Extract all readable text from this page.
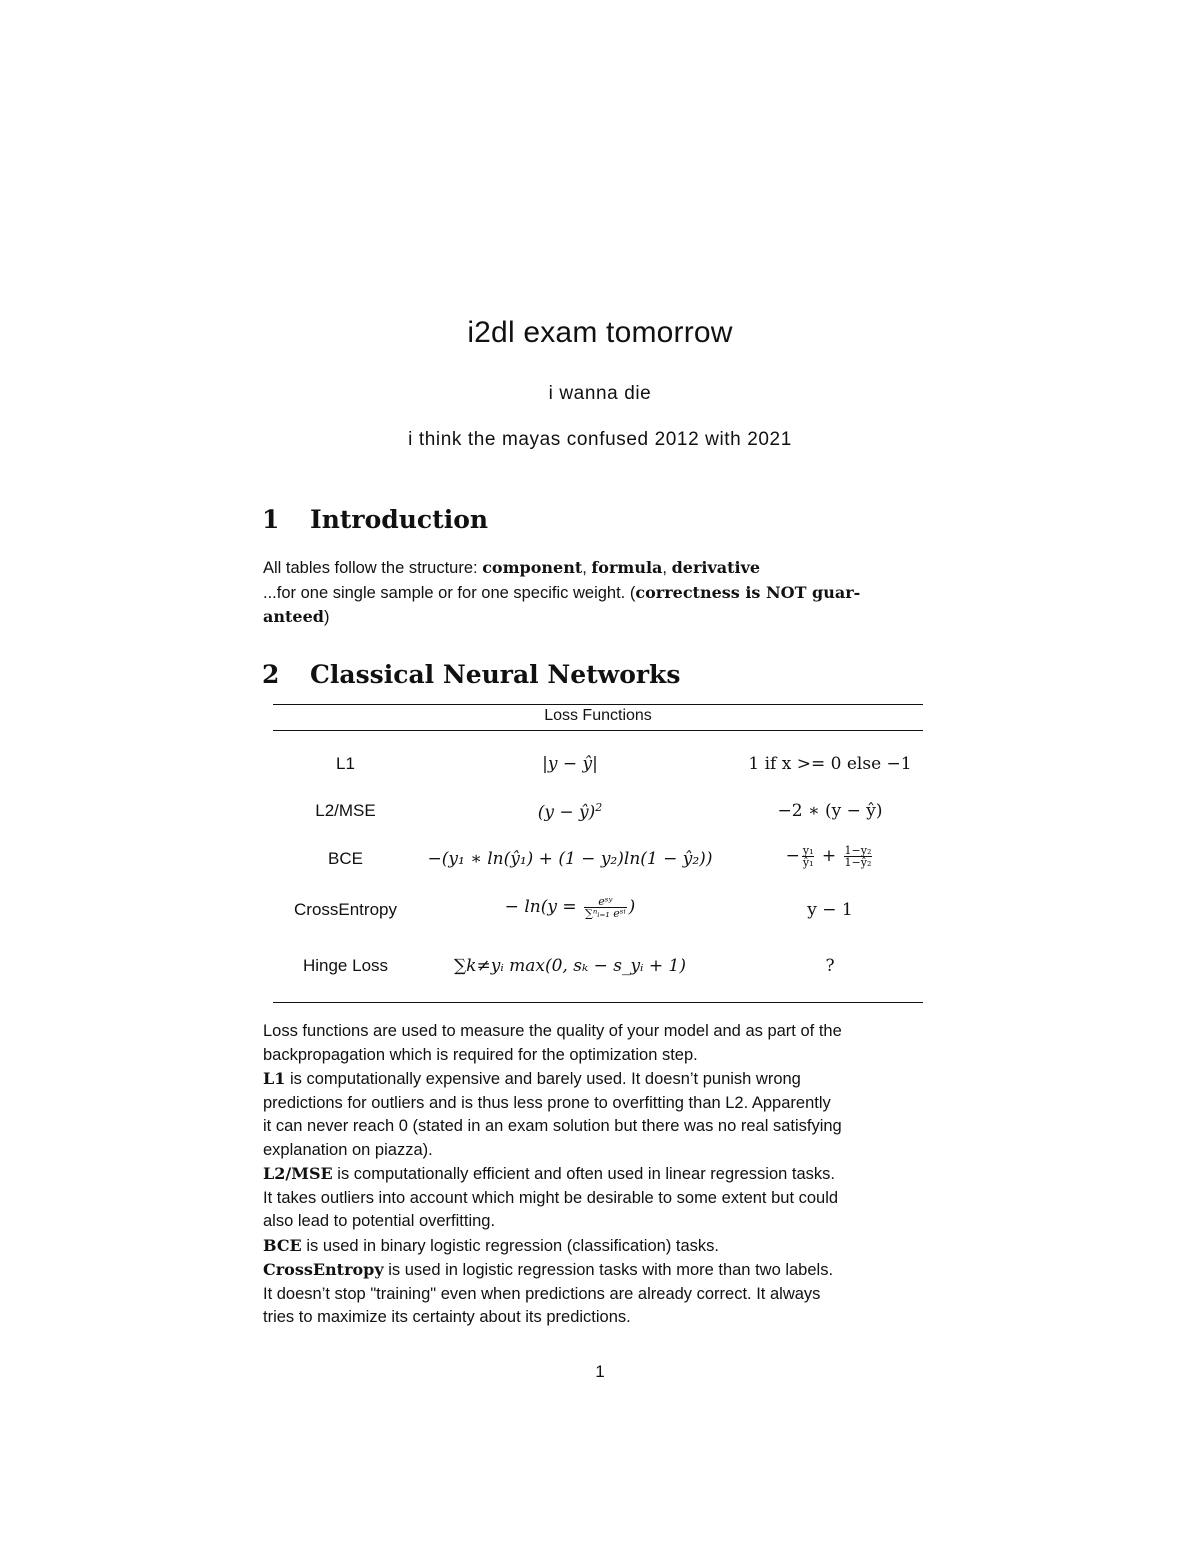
i2dl exam tomorrow
i wanna die
i think the mayas confused 2012 with 2021
1 Introduction
All tables follow the structure: component, formula, derivative
...for one single sample or for one specific weight. (correctness is NOT guar-
anteed)
2 Classical Neural Networks
Loss Functions
L1	|y − ŷ|	1 if x >= 0 else −1
L2/MSE	(y − ŷ)$^2$	−2 ∗ (y − ŷ)
BCE	−(y₁ ∗ ln(ŷ₁) + (1 − y₂)ln(1 − ŷ₂))	− $\frac{\text{y₁}}{\text{ŷ₁}} + \frac{\text{1−y₂}}{\text{1−ŷ₂}}$
CrossEntropy	− $\ln(y = \frac{\text{eˢʸ}}{\text{∑ⁿᵢ₌₁ eˢⁱ}}$ )	y − 1
Hinge Loss	∑k≠yᵢ max(0, sₖ − s_yᵢ + 1)	?
Loss functions are used to measure the quality of your model and as part of the
backpropagation which is required for the optimization step.
L1 is computationally expensive and barely used. It doesn’t punish wrong
predictions for outliers and is thus less prone to overfitting than L2. Apparently
it can never reach 0 (stated in an exam solution but there was no real satisfying
explanation on piazza).
L2/MSE is computationally efficient and often used in linear regression tasks.
It takes outliers into account which might be desirable to some extent but could
also lead to potential overfitting.
BCE is used in binary logistic regression (classification) tasks.
CrossEntropy is used in logistic regression tasks with more than two labels.
It doesn’t stop "training" even when predictions are already correct. It always
tries to maximize its certainty about its predictions.
1
